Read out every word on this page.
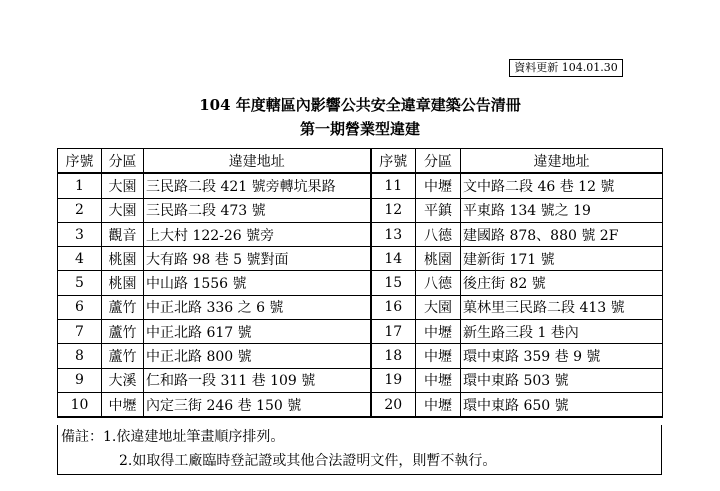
資料更新 104.01.30
104 年度轄區內影響公共安全違章建築公告清冊
第一期營業型違建
序號	分區	違建地址	序號	分區	違建地址
1	大園	三民路二段 421 號旁轉坑果路	11	中壢	文中路二段 46 巷 12 號
2	大園	三民路二段 473 號	12	平鎮	平東路 134 號之 19
3	觀音	上大村 122-26 號旁	13	八德	建國路 878、880 號 2F
4	桃園	大有路 98 巷 5 號對面	14	桃園	建新街 171 號
5	桃園	中山路 1556 號	15	八德	後庄街 82 號
6	蘆竹	中正北路 336 之 6 號	16	大園	菓林里三民路二段 413 號
7	蘆竹	中正北路 617 號	17	中壢	新生路三段 1 巷內
8	蘆竹	中正北路 800 號	18	中壢	環中東路 359 巷 9 號
9	大溪	仁和路一段 311 巷 109 號	19	中壢	環中東路 503 號
10	中壢	內定三街 246 巷 150 號	20	中壢	環中東路 650 號
備註：1.依違建地址筆畫順序排列。
2.如取得工廠臨時登記證或其他合法證明文件，則暫不執行。
